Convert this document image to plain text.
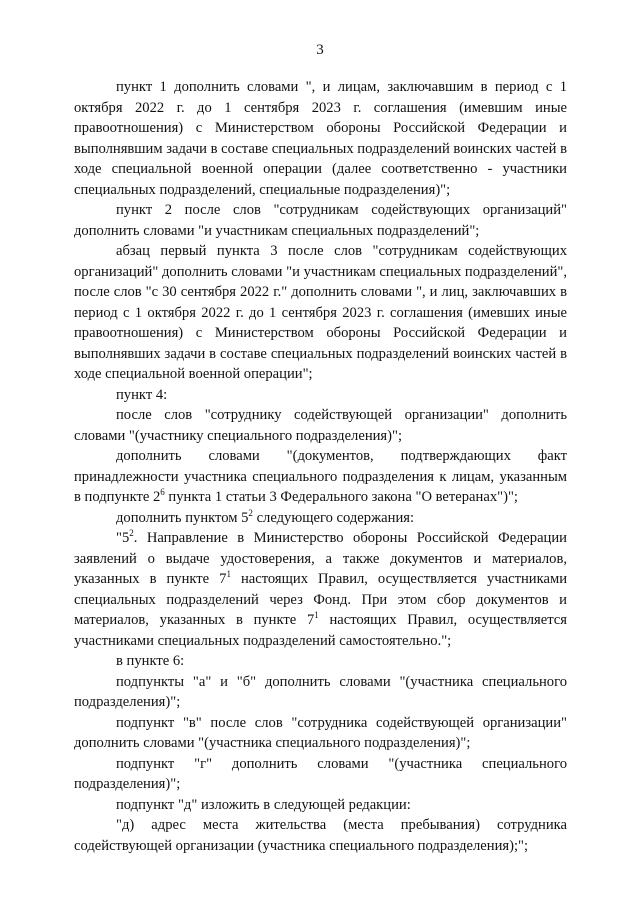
3

пункт 1 дополнить словами ", и лицам, заключавшим в период с 1 октября 2022 г. до 1 сентября 2023 г. соглашения (имевшим иные правоотношения) с Министерством обороны Российской Федерации и выполнявшим задачи в составе специальных подразделений воинских частей в ходе специальной военной операции (далее соответственно - участники специальных подразделений, специальные подразделения)";

пункт 2 после слов "сотрудникам содействующих организаций" дополнить словами "и участникам специальных подразделений";

абзац первый пункта 3 после слов "сотрудникам содействующих организаций" дополнить словами "и участникам специальных подразделений", после слов "с 30 сентября 2022 г." дополнить словами ", и лиц, заключавших в период с 1 октября 2022 г. до 1 сентября 2023 г. соглашения (имевших иные правоотношения) с Министерством обороны Российской Федерации и выполнявших задачи в составе специальных подразделений воинских частей в ходе специальной военной операции";

пункт 4:

после слов "сотруднику содействующей организации" дополнить словами "(участнику специального подразделения)";

дополнить словами "(документов, подтверждающих факт принадлежности участника специального подразделения к лицам, указанным в подпункте $2^6$ пункта 1 статьи 3 Федерального закона "О ветеранах")";

дополнить пунктом $5^2$ следующего содержания:

"$5^2$. Направление в Министерство обороны Российской Федерации заявлений о выдаче удостоверения, а также документов и материалов, указанных в пункте $7^1$ настоящих Правил, осуществляется участниками специальных подразделений через Фонд. При этом сбор документов и материалов, указанных в пункте $7^1$ настоящих Правил, осуществляется участниками специальных подразделений самостоятельно.";

в пункте 6:

подпункты "а" и "б" дополнить словами "(участника специального подразделения)";

подпункт "в" после слов "сотрудника содействующей организации" дополнить словами "(участника специального подразделения)";

подпункт "г" дополнить словами "(участника специального подразделения)";

подпункт "д" изложить в следующей редакции:

"д) адрес места жительства (места пребывания) сотрудника содействующей организации (участника специального подразделения);";
